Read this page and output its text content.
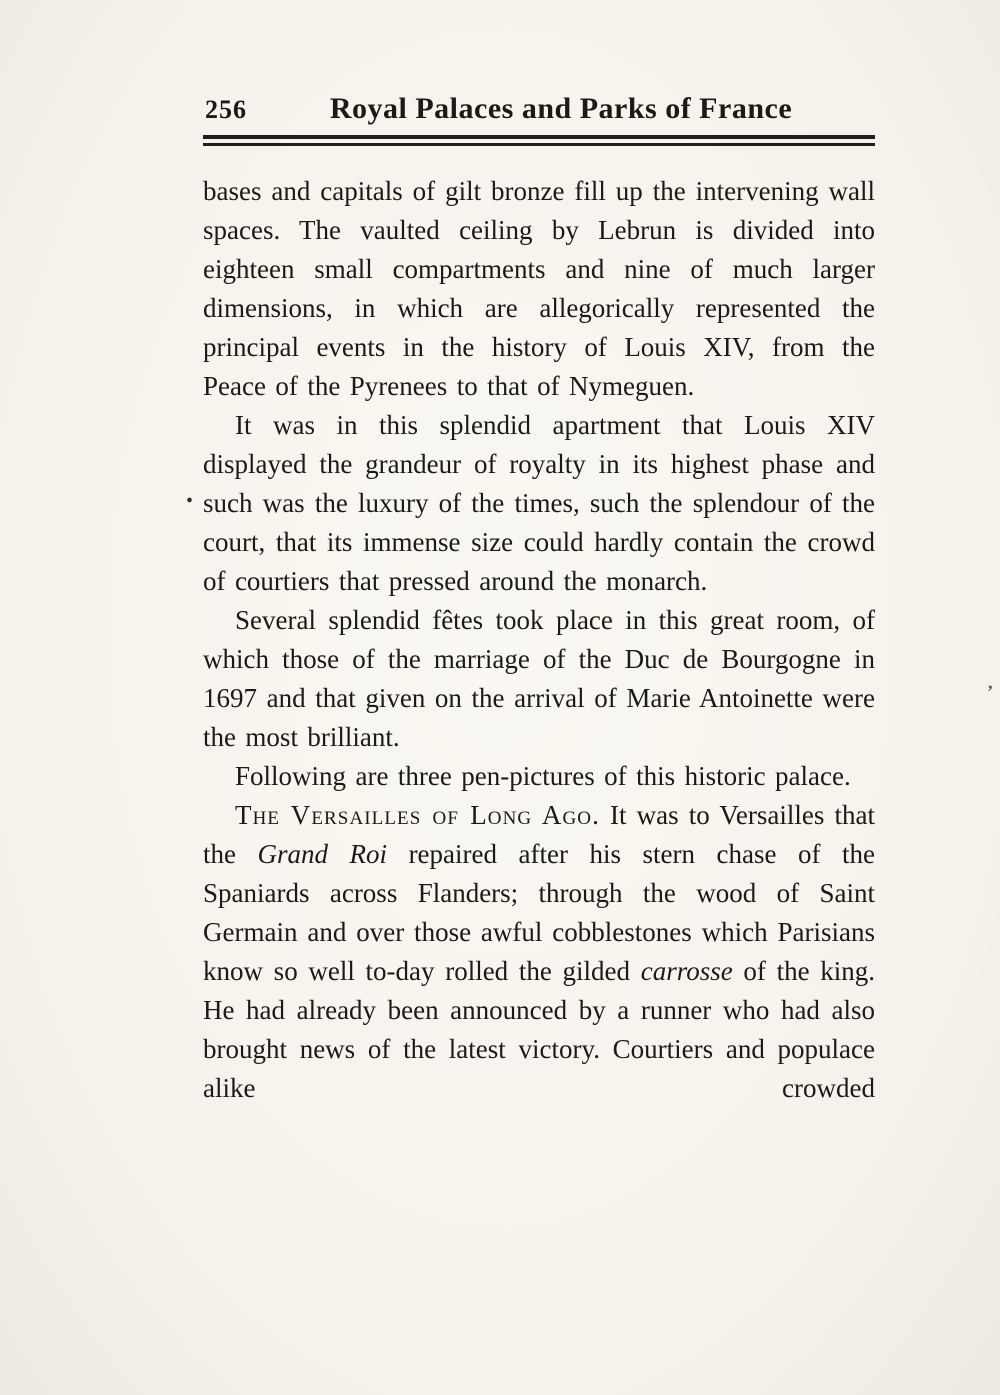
.
,
256	Royal Palaces and Parks of France

bases and capitals of gilt bronze fill up the intervening wall spaces. The vaulted ceiling by Lebrun is divided into eighteen small compartments and nine of much larger dimensions, in which are allegorically represented the principal events in the history of Louis XIV, from the Peace of the Pyrenees to that of Nymeguen.

It was in this splendid apartment that Louis XIV displayed the grandeur of royalty in its highest phase and such was the luxury of the times, such the splendour of the court, that its immense size could hardly contain the crowd of courtiers that pressed around the monarch.

Several splendid fêtes took place in this great room, of which those of the marriage of the Duc de Bourgogne in 1697 and that given on the arrival of Marie Antoinette were the most brilliant.

Following are three pen-pictures of this historic palace.

The Versailles of Long Ago. It was to Versailles that the Grand Roi repaired after his stern chase of the Spaniards across Flanders; through the wood of Saint Germain and over those awful cobblestones which Parisians know so well to-day rolled the gilded carrosse of the king. He had already been announced by a runner who had also brought news of the latest victory. Courtiers and populace alike crowded
